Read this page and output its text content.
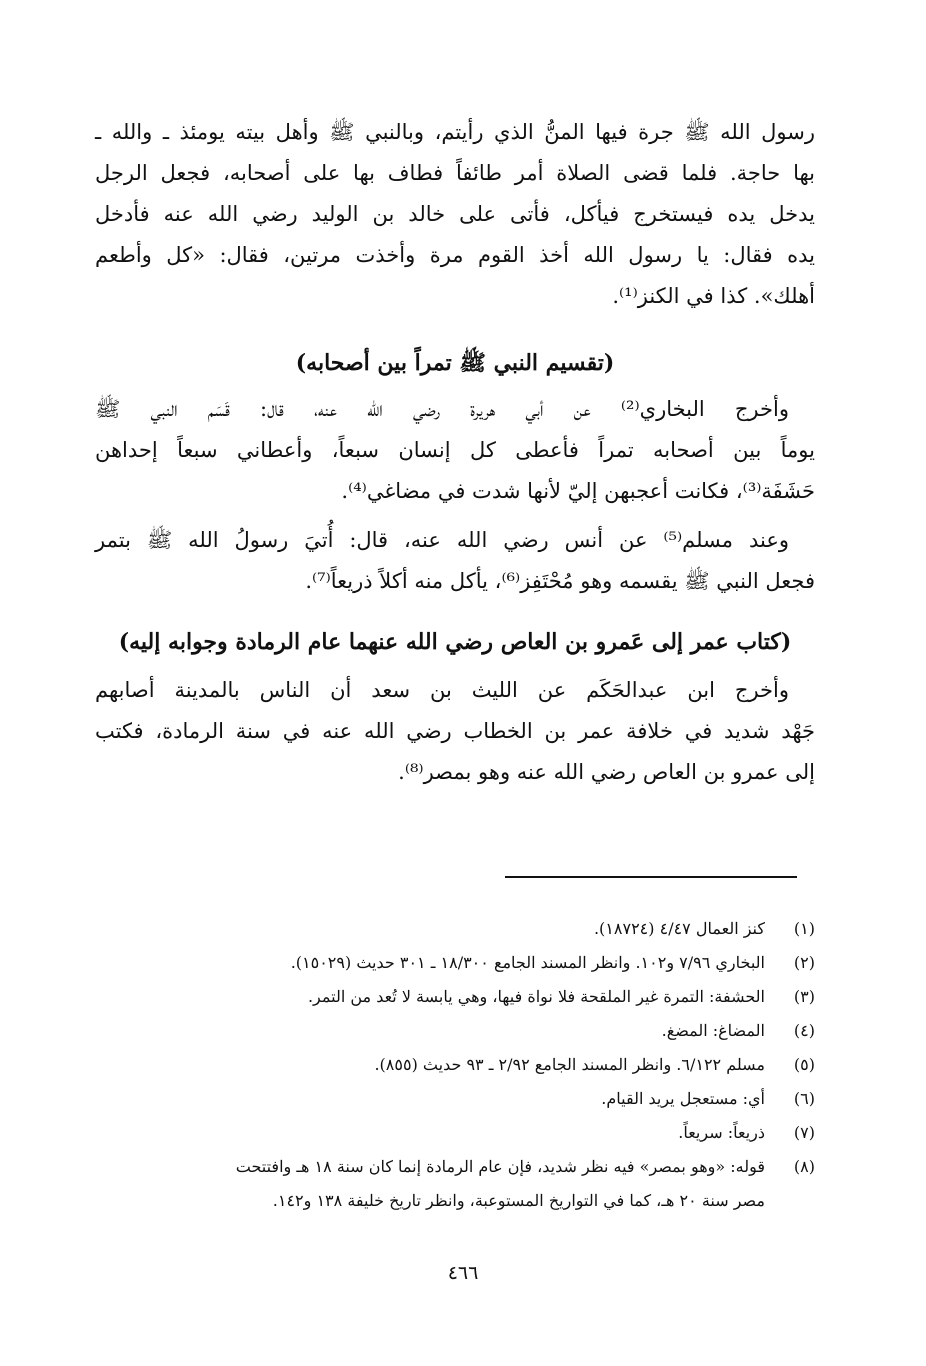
رسول الله ﷺ جرة فيها المنُّ الذي رأيتم، وبالنبي ﷺ وأهل بيته يومئذ ـ والله ـ
بها حاجة. فلما قضى الصلاة أمر طائفاً فطاف بها على أصحابه، فجعل الرجل
يدخل يده فيستخرج فيأكل، فأتى على خالد بن الوليد رضي الله عنه فأدخل
يده فقال: يا رسول الله أخذ القوم مرة وأخذت مرتين، فقال: «كل وأطعم
أهلك». كذا في الكنز⁽¹⁾.
(تقسيم النبي ﷺ تمراً بين أصحابه)
وأخرج البخاري⁽²⁾ عن أبي هريرة رضي الله عنه، قال: قَسَم النبي ﷺ
يوماً بين أصحابه تمراً فأعطى كل إنسان سبعاً، وأعطاني سبعاً إحداهن
حَشَفَة⁽³⁾، فكانت أعجبهن إليّ لأنها شدت في مضاغي⁽⁴⁾.
وعند مسلم⁽⁵⁾ عن أنس رضي الله عنه، قال: أُتيَ رسولُ الله ﷺ بتمر
فجعل النبي ﷺ يقسمه وهو مُحْتَفِز⁽⁶⁾، يأكل منه أكلاً ذريعاً⁽⁷⁾.
(كتاب عمر إلى عَمرو بن العاص رضي الله عنهما عام الرمادة وجوابه إليه)
وأخرج ابن عبدالحَكَم عن الليث بن سعد أن الناس بالمدينة أصابهم
جَهْد شديد في خلافة عمر بن الخطاب رضي الله عنه في سنة الرمادة، فكتب
إلى عمرو بن العاص رضي الله عنه وهو بمصر⁽⁸⁾.
(١)
كنز العمال ٤/٤٧ (١٨٧٢٤).
(٢)
البخاري ٧/٩٦ و١٠٢. وانظر المسند الجامع ١٨/٣٠٠ ـ ٣٠١ حديث (١٥٠٢٩).
(٣)
الحشفة: التمرة غير الملقحة فلا نواة فيها، وهي يابسة لا تُعد من التمر.
(٤)
المضاغ: المضغ.
(٥)
مسلم ٦/١٢٢. وانظر المسند الجامع ٢/٩٢ ـ ٩٣ حديث (٨٥٥).
(٦)
أي: مستعجل يريد القيام.
(٧)
ذريعاً: سريعاً.
(٨)
قوله: «وهو بمصر» فيه نظر شديد، فإن عام الرمادة إنما كان سنة ١٨ هـ وافتتحت
مصر سنة ٢٠ هـ، كما في التواريخ المستوعبة، وانظر تاريخ خليفة ١٣٨ و١٤٢.
٤٦٦
